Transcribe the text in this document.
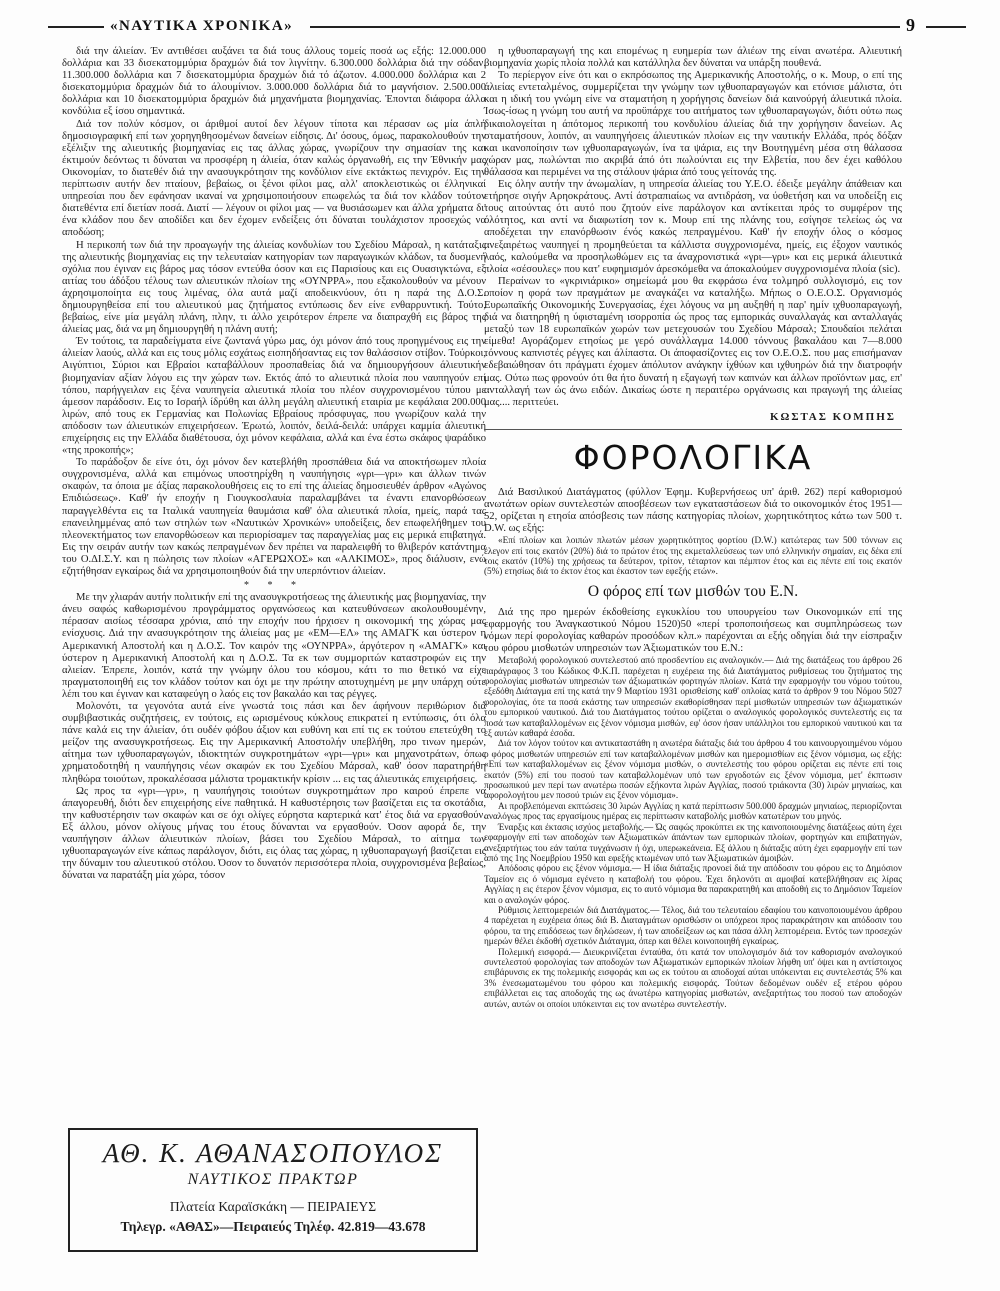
«ΝΑΥΤΙΚΑ ΧΡΟΝΙΚΑ»	9

διά την άλιείαν. Έν αντιθέσει αυξάνει τα διά τους άλλους τομείς ποσά ως εξής: 12.000.000 δολλάρια και 33 δισεκατομμύρια δραχμών διά τον λιγνίτην. 6.300.000 δολλάρια διά την σόδαν. 11.300.000 δολλάρια και 7 δισεκατομμύρια δραχμών διά τό άζωτον. 4.000.000 δολλάρια και 2 δισεκατομμύρια δραχμών διά το άλουμίνιον. 3.000.000 δολλάρια διά το μαγνήσιον. 2.500.000 δολλάρια και 10 δισεκατομμύρια δραχμών διά μηχανήματα βιομηχανίας. Έπονται διάφορα άλλα κονδύλια εξ ίσου σημαντικά.

Διά τον πολύν κόσμον, οι άριθμοί αυτοί δεν λέγουν τίποτα και πέρασαν ως μία άπλή δημοσιογραφική επί των χορηγηθησομένων δανείων είδησις. Δι' όσους, όμως, παρακολουθούν την εξέλιξιν της αλιευτικής βιομηχανίας εις τας άλλας χώρας, γνωρίζουν την σημασίαν της και έκτιμούν δεόντως τι δύναται να προσφέρη η άλιεία, όταν καλώς όργανωθή, εις την Έθνικήν μας Οικονομίαν, το διατεθέν διά την ανασυγκρότησιν της κονδύλιον είνε εκτάκτως πενιχρόν. Εις την περίπτωσιν αυτήν δεν πταίουν, βεβαίως, οι ξένοι φίλοι μας, αλλ' αποκλειστικώς οι έλληνικαί υπηρεσίαι που δεν εφάνησαν ικαναί να χρησιμοποιήσουν επωφελώς τα διά τον κλάδον τούτον διατεθέντα επί διετίαν ποσά. Διατί — λέγουν οι φίλοι μας — να θυσιάσωμεν και άλλα χρήματα δι' ένα κλάδον που δεν αποδίδει και δεν έχομεν ενδείξεις ότι δύναται τουλάχιστον προσεχώς να αποδώση;

Η περικοπή των διά την προαγωγήν της άλιείας κονδυλίων του Σχεδίου Μάρσαλ, η κατάταξις της αλιευτικής βιομηχανίας εις την τελευταίαν κατηγορίαν των παραγωγικών κλάδων, τα δυσμενή σχόλια που έγιναν εις βάρος μας τόσον εντεύθα όσον και εις Παρισίους και εις Ουασιγκτώνα, εξ αιτίας του άδόξου τέλους των αλιευτικών πλοίων της «ΟΥΝΡΡΑ», που εξακολουθούν να μένουν άχρησιμοποίητα εις τους λιμένας, όλα αυτά μαζί αποδεικνύουν, ότι η παρά της Δ.Ο.Σ. δημιουργηθείσα επί του αλιευτικού μας ζητήματος εντύπωσις δεν είνε ενθαρρυντική. Τούτο, βεβαίως, είνε μία μεγάλη πλάνη, πλην, τι άλλο χειρότερον έπρεπε να διαπραχθή εις βάρος της άλιείας μας, διά να μη δημιουργηθή η πλάνη αυτή;

Έν τούτοις, τα παραδείγματα είνε ζωντανά γύρω μας, όχι μόνον άπό τους προηγμένους εις την άλιείαν λαούς, αλλά και εις τους μόλις εσχάτως εισπηδήσαντας εις τον θαλάσσιον στίβον. Τούρκοι, Αιγύπτιοι, Σύριοι και Εβραίοι καταβάλλουν προσπαθείας διά να δημιουργήσουν άλιευτικήν βιομηχανίαν αξίαν λόγου εις την χώραν των. Εκτός άπό το αλιευτικά πλοία που ναυπηγούν επί τόπου, παρήγγειλαν εις ξένα ναυπηγεία αλιευτικά πλοία του πλέον συγχρονισμένου τύπου με άμεσον παράδοσιν. Εις το Ισραήλ ίδρύθη και άλλη μεγάλη αλιευτική εταιρία με κεφάλαια 200.000 λιρών, από τους εκ Γερμανίας και Πολωνίας Εβραίους πρόσφυγας, που γνωρίζουν καλά την απόδοσιν των άλιευτικών επιχειρήσεων. Έρωτώ, λοιπόν, δειλά-δειλά: υπάρχει καμμία άλιευτική επιχείρησις εις την Ελλάδα διαθέτουσα, όχι μόνον κεφάλαια, αλλά και ένα έστω σκάφος ψαράδικο «της προκοπής»;

Το παράδοξον δε είνε ότι, όχι μόνον δεν κατεβλήθη προσπάθεια διά να αποκτήσωμεν πλοία συγχρονισμένα, αλλά και επιμόνως υποστηρίχθη η ναυπήγησις «γρι—γρι» και άλλων τινών σκαφών, τα όποια με άξίας παρακολουθήσεις εις το επί της άλιείας δημοσιευθέν άρθρον «Αγώνος Επιδιώσεως». Καθ' ήν εποχήν η Γιουγκοσλαυία παραλαμβάνει τα έναντι επανορθώσεων παραγγελθέντα εις τα Ιταλικά ναυπηγεία θαυμάσια καθ' όλα αλιευτικά πλοία, ημείς, παρά τας επανειλημμένας από των στηλών των «Ναυτικών Χρονικών» υποδείξεις, δεν επωφελήθημεν του πλεονεκτήματος των επανορθώσεων και περιορίσαμεν τας παραγγελίας μας εις μερικά επιβατηγά. Εις την σειράν αυτήν των κακώς πεπραγμένων δεν πρέπει να παραλειφθή το θλιβερόν κατάντημα του Ο.ΔΙ.Σ.Υ. και η πώλησις των πλοίων «ΑΓΕΡΩΧΟΣ» και «ΑΛΚΙΜΟΣ», προς διάλυσιν, ενώ εζητήθησαν εγκαίρως διά να χρησιμοποιηθούν διά την υπερπόντιον άλιείαν.

* * *

Με την χλιαράν αυτήν πολιτικήν επί της ανασυγκροτήσεως της άλιευτικής μας βιομηχανίας, την άνευ σαφώς καθωρισμένου προγράμματος οργανώσεως και κατευθύνσεων ακολουθουμένην, πέρασαν αισίως τέσσαρα χρόνια, από την εποχήν που ήρχισεν η οικονομική της χώρας μας ενίσχυσις. Διά την ανασυγκρότησιν της άλιείας μας με «ΕΜ—ΕΛ» της ΑΜΑΓΚ και ύστερον η Αμερικανική Αποστολή και η Δ.Ο.Σ. Τον καιρόν της «ΟΥΝΡΡΑ», άργότερον η «ΑΜΑΓΚ» και ύστερον η Αμερικανική Αποστολή και η Δ.Ο.Σ. Τα εκ των συμμοριτών καταστροφών εις την αλιείαν. Έπρεπε, λοιπόν, κατά την γνώμην όλου του κόσμου, κάτι το πιο θετικό να είχε πραγματοποιηθή εις τον κλάδον τούτον και όχι με την πρώτην αποτυχημένη με μην υπάρχη ούτε λέπι του και έγιναν και καταφεύγη ο λαός εις τον βακαλάο και τας ρέγγες.

Μολονότι, τα γεγονότα αυτά είνε γνωστά τοις πάσι και δεν άφήνουν περιθώριον διά συμβιβαστικάς συζητήσεις, εν τούτοις, εις ωρισμένους κύκλους επικρατεί η εντύπωσις, ότι όλα πάνε καλά εις την άλιείαν, ότι ουδέν φόβου άξιον και ευθύνη και επί τις εκ τούτου επετεύχθη το μείζον της ανασυγκροτήσεως. Εις την Αμερικανική Αποστολήν υπεβλήθη, προ τινων ημερών, αίτημα των ιχθυοπαραγωγών, ιδιοκτητών συγκροτημάτων «γρι—γρι» και μηχανοτράτων, όπως χρηματοδοτηθή η ναυπήγησις νέων σκαφών εκ του Σχεδίου Μάρσαλ, καθ' όσον παρατηρήθη πληθώρα τοιούτων, προκαλέσασα μάλιστα τρομακτικήν κρίσιν ... εις τας άλιευτικάς επιχειρήσεις.

Ως προς τα «γρι—γρι», η ναυπήγησις τοιούτων συγκροτημάτων προ καιρού έπρεπε να άπαγορευθή, διότι δεν επιχειρήσης είνε παθητικά. Η καθυστέρησις των βασίζεται εις τα σκοτάδια, την καθυστέρησιν των σκαφών και σε όχι ολίγες εύρηστα καρτερικά κατ' έτος διά να εργασθούν. Εξ άλλου, μόνον ολίγους μήνας του έτους δύνανται να εργασθούν. Όσον αφορά δε, την ναυπήγησιν άλλων άλιευτικών πλοίων, βάσει του Σχεδίου Μάρσαλ, το αίτημα των ιχθυοπαραγωγών είνε κάπως παράλογον, διότι, εις όλας τας χώρας, η ιχθυοπαραγωγή βασίζεται εις την δύναμιν του αλιευτικού στόλου. Όσον το δυνατόν περισσότερα πλοία, συγχρονισμένα βεβαίως, δύναται να παρατάξη μία χώρα, τόσον

ΑΘ. Κ. ΑΘΑΝΑΣΟΠΟΥΛΟΣ
ΝΑΥΤΙΚΟΣ ΠΡΑΚΤΩΡ
Πλατεία Καραϊσκάκη — ΠΕΙΡΑΙΕΥΣ
Τηλεγρ. «ΑΘΑΣ»—Πειραιεύς Τηλέφ. 42.819—43.678

η ιχθυοπαραγωγή της και επομένως η ευημερία των άλιέων της είναι ανωτέρα. Αλιευτική βιομηχανία χωρίς πλοία πολλά και κατάλληλα δεν δύναται να υπάρξη πουθενά.

Το περίεργον είνε ότι και ο εκπρόσωπος της Αμερικανικής Αποστολής, ο κ. Μουρ, ο επί της άλιείας εντεταλμένος, συμμερίζεται την γνώμην των ιχθυοπαραγωγών και ετόνισε μάλιστα, ότι και η ιδική του γνώμη είνε να σταματήση η χορήγησις δανείων διά καινούργή άλιευτικά πλοία. Ίσως-ίσως η γνώμη του αυτή να προϋπάρχε του αιτήματος των ιχθυοπαραγωγών, διότι ούτω πως δικαιολογείται η άπότομος περικοπή του κονδυλίου άλιείας διά την χορήγησιν δανείων. Ας σταματήσουν, λοιπόν, αι ναυπηγήσεις άλιευτικών πλοίων εις την ναυτικήν Ελλάδα, πρός δόξαν και ικανοποίησιν των ιχθυοπαραγωγών, ίνα τα ψάρια, εις την Βουτηγμένη μέσα στη θάλασσα χώραν μας, πωλώνται πιο ακριβά άπό ότι πωλούνται εις την Ελβετία, που δεν έχει καθόλου θάλασσα και περιμένει να της στάλουν ψάρια άπό τους γείτονάς της.

Εις όλην αυτήν την άνωμαλίαν, η υπηρεσία άλιείας του Υ.Ε.Ο. έδειξε μεγάλην άπάθειαν και ετήρησε σιγήν Αρηοκράτους. Αντί άστραπιαίως να αντιδράση, να ύοθετήση και να υποδείξη εις τους αιτούντας ότι αυτό που ζητούν είνε παράλογον και αντίκειται πρός το συμφέρον της όλότητος, και αντί να διαφωτίση τον κ. Μουρ επί της πλάνης του, εσίγησε τελείως ώς να αποδέχεται την επανόρθωσιν ένός κακώς πεπραγμένου. Καθ' ήν εποχήν όλος ο κόσμος ανεξαιρέτως ναυπηγεί η προμηθεύεται τα κάλλιστα συγχρονισμένα, ημείς, εις έξοχον ναυτικός λαός, καλούμεθα να προσηλωθώμεν εις τα άναχρονιστικά «γρι—γρι» και εις μερικά άλιευτικά πλοία «σέσουλες» που κατ' ευφημισμόν άρεσκόμεθα να άποκαλούμεν συγχρονισμένα πλοία (sic).

Περαίνων το «γκρινιάρικο» σημείωμά μου θα εκφράσω ένα τολμηρό συλλογισμό, εις τον οποίον η φορά των πραγμάτων με αναγκάζει να καταλήξω. Μήπως ο Ο.Ε.Ο.Σ. Οργανισμός Ευρωπαϊκής Οικονομικής Συνεργασίας, έχει λόγους να μη αυξηθή η παρ' ημίν ιχθυοπαραγωγή, διά να διατηρηθή η ύφισταμένη ισορροπία ώς προς τας εμπορικάς συναλλαγάς και ανταλλαγάς μεταξύ των 18 ευρωπαϊκών χωρών των μετεχουσών του Σχεδίου Μάρσαλ; Σπουδαίοι πελάται είμεθα! Αγοράζομεν ετησίως με γερό συνάλλαγμα 14.000 τόννους βακαλάου και 7—8.000 τόννους καπνιστές ρέγγες και άλίπαστα. Οι άποφασίζοντες εις τον Ο.Ε.Ο.Σ. που μας επισήμαναν εδεβαιώθησαν ότι πράγματι έχομεν άπόλυτον ανάγκην ίχθύων και ιχθυηρών διά την διατροφήν μας. Ούτω πως φρονούν ότι θα ήτο δυνατή η εξαγωγή των καπνών και άλλων προϊόντων μας, επ' ανταλλαγή των ώς άνω ειδών. Δικαίως ώστε η περαιτέρω οργάνωσις και πραγωγή της άλιείας μας.... περιττεύει.

ΚΩΣΤΑΣ ΚΟΜΠΗΣ
ΦΟΡΟΛΟΓΙΚΑ

Διά Βασιλικού Διατάγματος (φύλλον Έφημ. Κυβερνήσεως υπ' άριθ. 262) περί καθορισμού ανωτάτων ορίων συντελεστών αποσβέσεων των εγκαταστάσεων διά το οικονομικόν έτος 1951—52, ορίζεται η ετησία απόσβεσις των πάσης κατηγορίας πλοίων, χωρητικότητος κάτω των 500 τ. D.W. ως εξής:

«Επί πλοίων και λοιπών πλωτών μέσων χωρητικότητος φορτίου (D.W.) κατώτερας των 500 τόννων εις έλεγον επί τοις εκατόν (20%) διά το πρώτον έτος της εκμεταλλεύσεως των υπό ελληνικήν σημαίαν, εις δέκα επί τοις εκατόν (10%) της χρήσεως τα δεύτερον, τρίτον, τέταρτον και πέμπτον έτος και εις πέντε επί τοις εκατόν (5%) ετησίως διά το έκτον έτος και έκαστον των εφεξής ετών».

Ο φόρος επί των μισθών του Ε.Ν.

Διά της προ ημερών έκδοθείσης εγκυκλίου του υπουργείου των Οικονομικών επί της εφαρμογής του Άναγκαστικού Νόμου 1520)50 «περί τροποποιήσεως και συμπληρώσεως των νόμων περί φορολογίας καθαρών προσόδων κλπ.» παρέχονται αι εξής οδηγίαι διά την είσπραξιν του φόρου μισθωτών υπηρεσιών των Άξιωματικών του Ε.Ν.:

Μεταβολή φορολογικού συντελεστού από προσδεντίου εις αναλογικόν.— Διά της διατάξεως του άρθρου 26 παράγραφος 3 του Κώδικος Φ.Κ.Π. παρέχεται η ευχέρεια της διά Διατάγματος ρυθμίσεως του ζητήματος της φορολογίας μισθωτών υπηρεσιών των άξιωματικών φορτηγών πλοίων. Κατά την εφαρμογήν του νόμου τούτου, εξεδόθη Διάταγμα επί της κατά την 9 Μαρτίου 1931 ορισθείσης καθ' οπλοίας κατά το άρθρον 9 του Νόμου 5027 φορολογίας, ότε τα ποσά εκάστης των υπηρεσιών εκαθορίσθησαν περί μισθωτών υπηρεσιών των άξιωματικών του εμπορικού ναυτικού. Διά του Διατάγματος τούτου ορίζεται ο αναλογικός φορολογικός συντελεστής εις τα ποσά των καταβαλλομένων εις ξένον νόμισμα μισθών, εφ' όσον ήσαν υπάλληλοι του εμπορικού ναυτικού και τα εξ αυτών καθαρά έσοδα.

Διά τον λόγον τούτον και αντικαταστάθη η ανωτέρα διάταξις διά του άρθρου 4 του καινουργοιημένου νόμου ο φόρος μισθωτών υπηρεσιών επί των καταβαλλομένων μισθών και ημερομισθίων εις ξένον νόμισμα, ως εξής: «Επί των καταβαλλομένων εις ξένον νόμισμα μισθών, ο συντελεστής του φόρου ορίζεται εις πέντε επί τοις εκατόν (5%) επί του ποσού των καταβαλλομένων υπό των εργοδοτών εις ξένον νόμισμα, μετ' έκπτωσιν προσωπικού μεν περί των ανωτέρω ποσών εξήκοντα λιρών Αγγλίας, ποσού τριάκοντα (30) λιρών μηνιαίως, και αφορολογήτου μεν ποσού τριών εις ξένον νόμισμα».

Αι προβλεπόμεναι εκπτώσεις 30 λιρών Αγγλίας η κατά περίπτωσιν 500.000 δραχμών μηνιαίως, περιορίζονται αναλόγως προς τας εργασίμους ημέρας εις περίπτωσιν καταβολής μισθών κατωτέρων του μηνός.

Έναρξις και έκτασις ισχύος μεταβολής.— Ώς σαφώς προκύπτει εκ της καινοποιουμένης διατάξεως αύτη έχει εφαρμογήν επί των αποδοχών των Αξιωματικών άπάντων των εμπορικών πλοίων, φορτηγών και επιβατηγών, ανεξαρτήτως του εάν ταύτα τυγχάνωσιν ή όχι, υπερωκεάνεια. Εξ άλλου η διάταξις αύτη έχει εφαρμογήν επί των από της 1ης Νοεμβρίου 1950 και εφεξής κτωμένων υπό των Άξιωματικών άμοιβών.

Απόδοσις φόρου εις ξένον νόμισμα.— Η ίδια διάταξις προνοεί διά την απόδοσιν του φόρου εις το Δημόσιον Ταμείον εις ό νόμισμα εγένετο η καταβολή του φόρου. Έχει δηλονότι αι αμοιβαί κατεβλήθησαν εις λίρας Αγγλίας η εις έτερον ξένον νόμισμα, εις το αυτό νόμισμα θα παρακρατηθή και αποδοθή εις το Δημόσιον Ταμείον και ο αναλογών φόρος.

Ρύθμισις λεπτομερειών διά Διατάγματος.— Τέλος, διά του τελευταίου εδαφίου του καινοποιουμένου άρθρου 4 παρέχεται η ευχέρεια όπως διά Β. Διαταγμάτων ορισθώσιν οι υπόχρεοι προς παρακράτησιν και απόδοσιν του φόρου, τα της επιδόσεως των δηλώσεων, ή των αποδείξεων ως και πάσα άλλη λεπτομέρεια. Εντός των προσεχών ημερών θέλει έκδοθή σχετικόν Διάταγμα, όπερ και θέλει κοινοποιηθή εγκαίρως.

Πολεμική εισφορά.— Διευκρινίζεται ένταύθα, ότι κατά τον υπολογισμόν διά τον καθορισμόν αναλογικού συντελεστού φορολογίας των αποδοχών των Αξιωματικών εμπορικών πλοίων λήφθη υπ' όψει και η αντίστοιχος επιβάρυνσις εκ της πολεμικής εισφοράς και ως εκ τούτου αι αποδοχαί αύται υπόκεινται εις συντελεστάς 5% και 3% ένεσωματωμένου του φόρου και πολεμικής εισφοράς. Τούτων δεδομένων ουδέν εξ ετέρου φόρου επιβάλλεται εις τας αποδοχάς της ως άνωτέρω κατηγορίας μισθωτών, ανεξαρτήτως του ποσού των αποδοχών αυτών, αυτών οι οποίοι υπόκεινται εις τον ανωτέρω συντελεστήν.
